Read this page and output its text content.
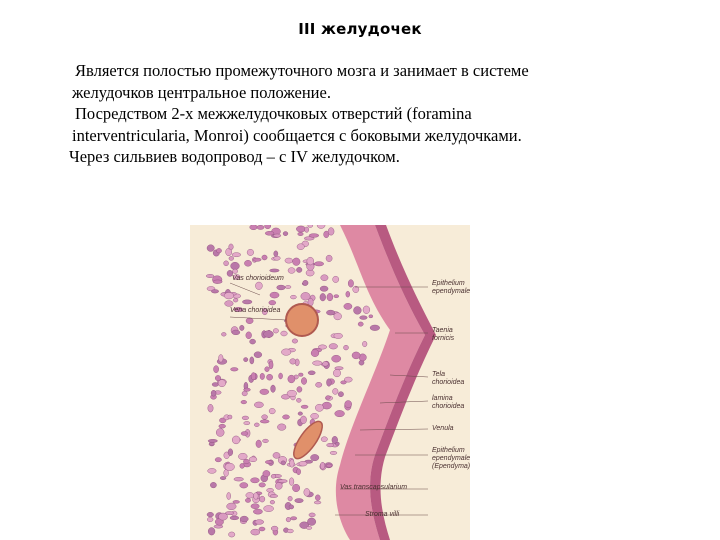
III желудочек
Является полостью промежуточного мозга и занимает в системе
желудочков центральное положение.
Посредством 2-х межжелудочковых отверстий (foramina
interventricularia, Monroi) сообщается с боковыми желудочками.
Через сильвиев водопровод – с IV желудочком.
Vas chorioideum
Vena chorioidea
Epithelium ependymale
Taenia fornicis
Tela chorioidea
lamina chorioidea
Venula
Epithelium ependymale (Ependyma)
Vas transcapsularium
Stroma villi
